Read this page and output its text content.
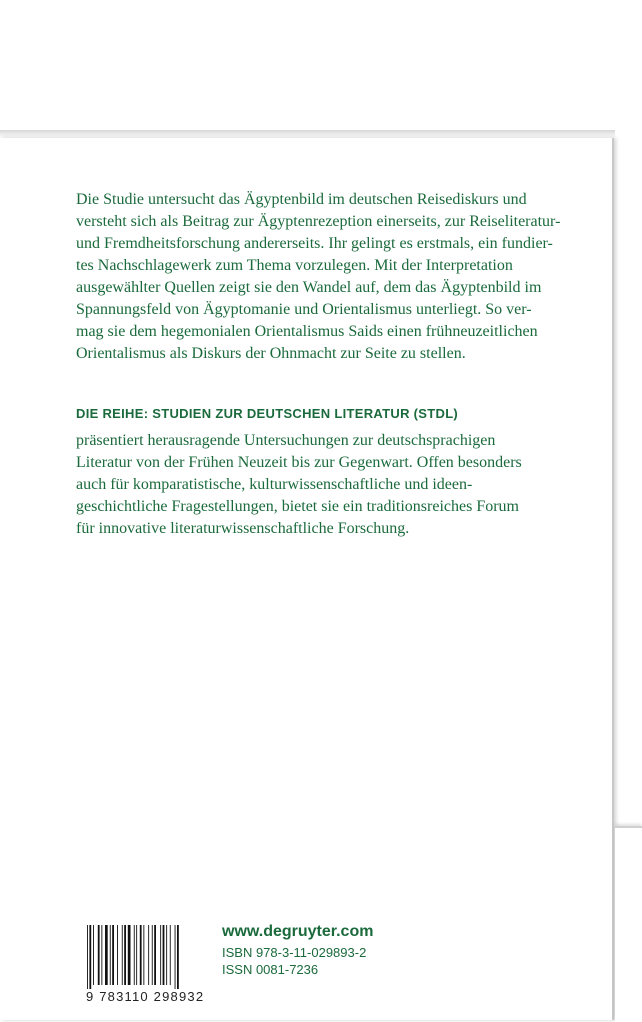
Die Studie untersucht das Ägyptenbild im deutschen Reisediskurs und
versteht sich als Beitrag zur Ägyptenrezeption einerseits, zur Reiseliteratur-
und Fremdheitsforschung andererseits. Ihr gelingt es erstmals, ein fundier-
tes Nachschlagewerk zum Thema vorzulegen. Mit der Interpretation
ausgewählter Quellen zeigt sie den Wandel auf, dem das Ägyptenbild im
Spannungsfeld von Ägyptomanie und Orientalismus unterliegt. So ver-
mag sie dem hegemonialen Orientalismus Saids einen frühneuzeitlichen
Orientalismus als Diskurs der Ohnmacht zur Seite zu stellen.

DIE REIHE: STUDIEN ZUR DEUTSCHEN LITERATUR (STDL)

präsentiert herausragende Untersuchungen zur deutschsprachigen
Literatur von der Frühen Neuzeit bis zur Gegenwart. Offen besonders
auch für komparatistische, kulturwissenschaftliche und ideen-
geschichtliche Fragestellungen, bietet sie ein traditionsreiches Forum
für innovative literaturwissenschaftliche Forschung.

9 783110 298932
www.degruyter.com
ISBN 978-3-11-029893-2
ISSN 0081-7236
